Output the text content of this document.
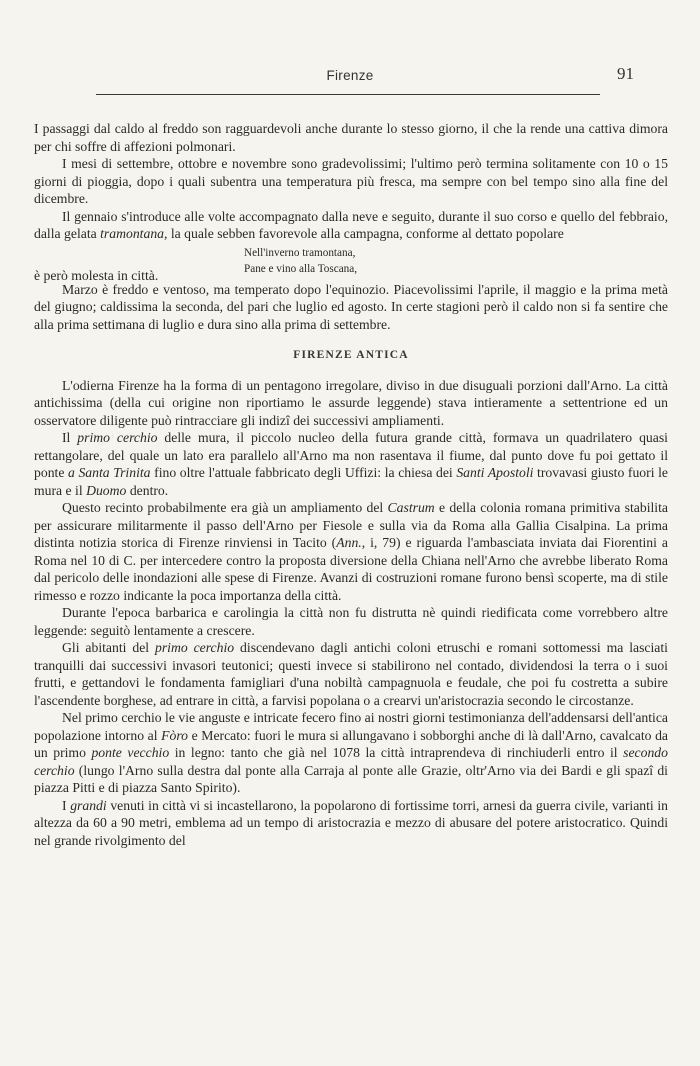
Firenze	91

I passaggi dal caldo al freddo son ragguardevoli anche durante lo stesso giorno, il che la rende una cattiva dimora per chi soffre di affezioni polmonari.

I mesi di settembre, ottobre e novembre sono gradevolissimi; l'ultimo però termina solitamente con 10 o 15 giorni di pioggia, dopo i quali subentra una temperatura più fresca, ma sempre con bel tempo sino alla fine del dicembre.

Il gennaio s'introduce alle volte accompagnato dalla neve e seguito, durante il suo corso e quello del febbraio, dalla gelata tramontana, la quale sebben favorevole alla campagna, conforme al dettato popolare

Nell'inverno tramontana,
Pane e vino alla Toscana,
è però molesta in città.

Marzo è freddo e ventoso, ma temperato dopo l'equinozio. Piacevolissimi l'aprile, il maggio e la prima metà del giugno; caldissima la seconda, del pari che luglio ed agosto. In certe stagioni però il caldo non si fa sentire che alla prima settimana di luglio e dura sino alla prima di settembre.

FIRENZE ANTICA

L'odierna Firenze ha la forma di un pentagono irregolare, diviso in due disuguali porzioni dall'Arno. La città antichissima (della cui origine non riportiamo le assurde leggende) stava intieramente a settentrione ed un osservatore diligente può rintracciare gli indizî dei successivi ampliamenti.

Il primo cerchio delle mura, il piccolo nucleo della futura grande città, formava un quadrilatero quasi rettangolare, del quale un lato era parallelo all'Arno ma non rasentava il fiume, dal punto dove fu poi gettato il ponte a Santa Trinita fino oltre l'attuale fabbricato degli Uffizi: la chiesa dei Santi Apostoli trovavasi giusto fuori le mura e il Duomo dentro.

Questo recinto probabilmente era già un ampliamento del Castrum e della colonia romana primitiva stabilita per assicurare militarmente il passo dell'Arno per Fiesole e sulla via da Roma alla Gallia Cisalpina. La prima distinta notizia storica di Firenze rinviensi in Tacito (Ann., i, 79) e riguarda l'ambasciata inviata dai Fiorentini a Roma nel 10 di C. per intercedere contro la proposta diversione della Chiana nell'Arno che avrebbe liberato Roma dal pericolo delle inondazioni alle spese di Firenze. Avanzi di costruzioni romane furono bensì scoperte, ma di stile rimesso e rozzo indicante la poca importanza della città.

Durante l'epoca barbarica e carolingia la città non fu distrutta nè quindi riedificata come vorrebbero altre leggende: seguitò lentamente a crescere.

Gli abitanti del primo cerchio discendevano dagli antichi coloni etruschi e romani sottomessi ma lasciati tranquilli dai successivi invasori teutonici; questi invece si stabilirono nel contado, dividendosi la terra o i suoi frutti, e gettandovi le fondamenta famigliari d'una nobiltà campagnuola e feudale, che poi fu costretta a subire l'ascendente borghese, ad entrare in città, a farvisi popolana o a crearvi un'aristocrazia secondo le circostanze.

Nel primo cerchio le vie anguste e intricate fecero fino ai nostri giorni testimonianza dell'addensarsi dell'antica popolazione intorno al Fòro e Mercato: fuori le mura si allungavano i sobborghi anche di là dall'Arno, cavalcato da un primo ponte vecchio in legno: tanto che già nel 1078 la città intraprendeva di rinchiuderli entro il secondo cerchio (lungo l'Arno sulla destra dal ponte alla Carraja al ponte alle Grazie, oltr'Arno via dei Bardi e gli spazî di piazza Pitti e di piazza Santo Spirito).

I grandi venuti in città vi si incastellarono, la popolarono di fortissime torri, arnesi da guerra civile, varianti in altezza da 60 a 90 metri, emblema ad un tempo di aristocrazia e mezzo di abusare del potere aristocratico. Quindi nel grande rivolgimento del
